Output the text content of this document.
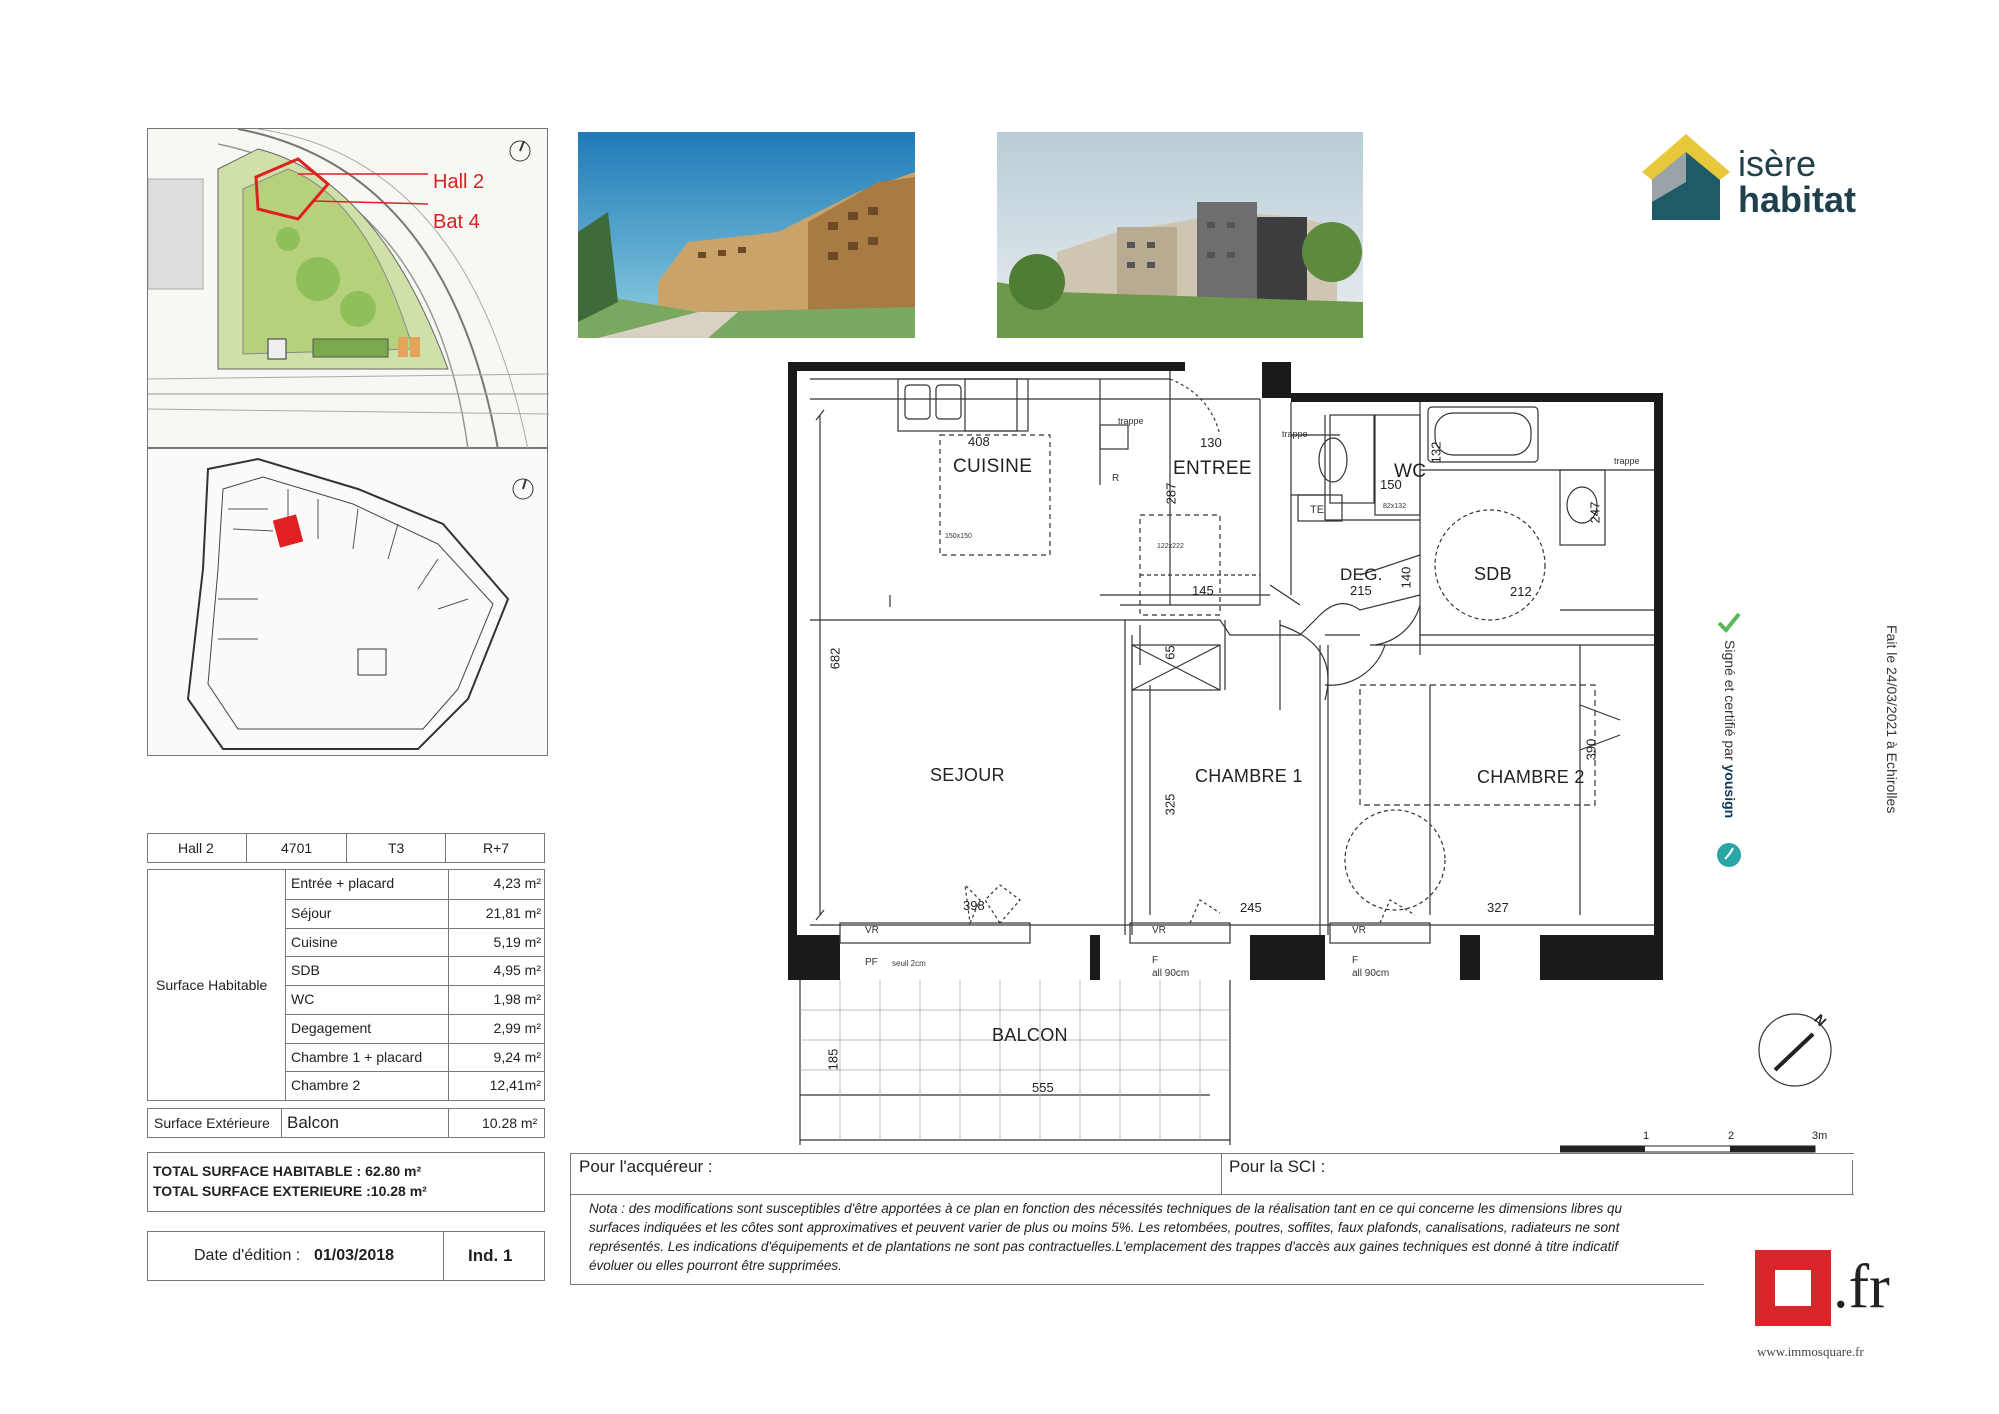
Hall 2
Bat 4
isère
habitat
Signé et certifié par yousign	Fait le 24/03/2021 à Echirolles
CUISINE	ENTREE	WC
DEG.	SDB
SEJOUR	CHAMBRE 1	CHAMBRE 2
BALCON
408	130	132
150
287
247
145	215
140
212
682	65
325
390
398	245	327
185
555
trappe
trappe
trappe
TE
R
150x150
122x222
82x132
VR	VR	VR
PF seuil 2cm	F
all 90cm
F
all 90cm
N
1	2	3m
Hall 2	4701	T3	R+7
Surface Habitable
Entrée + placard	4,23 m²
Séjour	21,81 m²
Cuisine	5,19 m²
SDB	4,95 m²
WC	1,98 m²
Degagement	2,99 m²
Chambre 1 + placard	9,24 m²
Chambre 2	12,41m²
Surface Extérieure Balcon	10.28 m²
TOTAL SURFACE HABITABLE : 62.80 m²
TOTAL SURFACE EXTERIEURE :10.28 m²
Date d'édition : 01/03/2018	Ind. 1
Pour l'acquéreur :	Pour la SCI :
Nota : des modifications sont susceptibles d'être apportées à ce plan en fonction des nécessités techniques de la réalisation tant en ce qui concerne les dimensions libres qu
surfaces indiquées et les côtes sont approximatives et peuvent varier de plus ou moins 5%. Les retombées, poutres, soffites, faux plafonds, canalisations, radiateurs ne sont
représentés. Les indications d'équipements et de plantations ne sont pas contractuelles.L'emplacement des trappes d'accès aux gaines techniques est donné à titre indicatif
évoluer ou elles pourront être supprimées.	.fr
www.immosquare.fr
